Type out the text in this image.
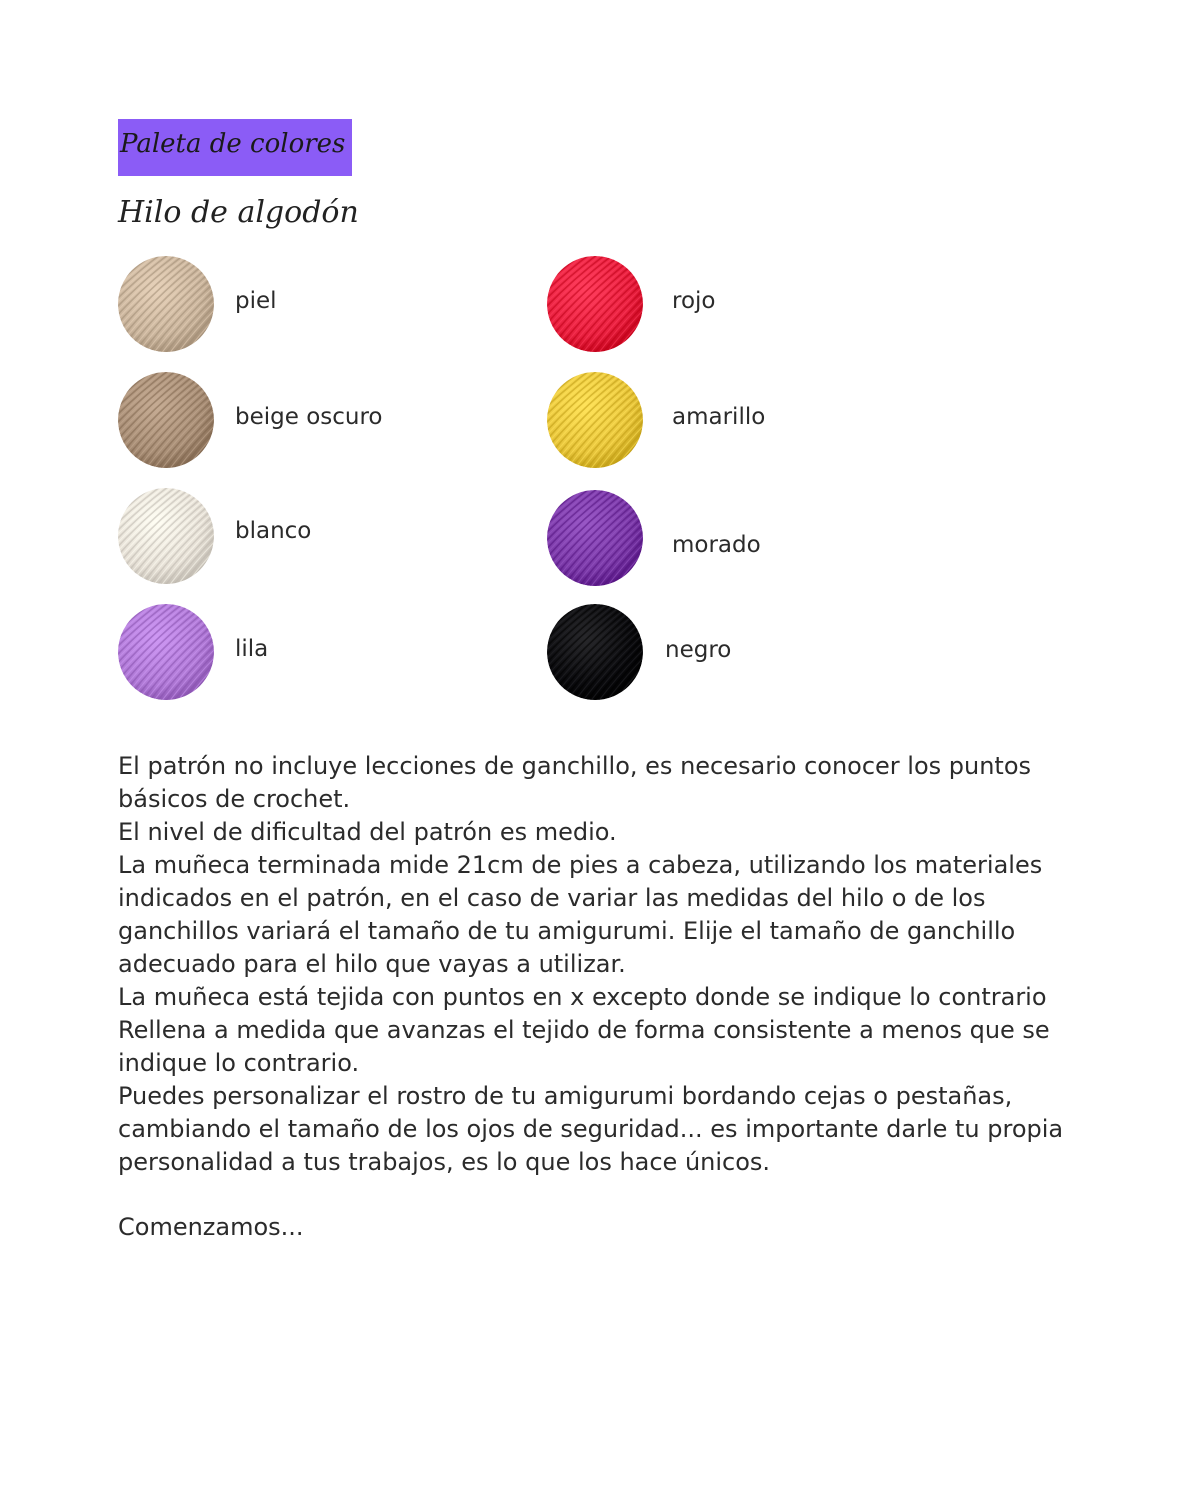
Paleta de colores
Hilo de algodón
piel
beige oscuro
blanco
lila
rojo
amarillo
morado
negro

El patrón no incluye lecciones de ganchillo, es necesario conocer los puntos básicos de crochet.

El nivel de dificultad del patrón es medio.

La muñeca terminada mide 21cm de pies a cabeza, utilizando los materiales indicados en el patrón, en el caso de variar las medidas del hilo o de los ganchillos variará el tamaño de tu amigurumi. Elije el tamaño de ganchillo adecuado para el hilo que vayas a utilizar.

La muñeca está tejida con puntos en x excepto donde se indique lo contrario

Rellena a medida que avanzas el tejido de forma consistente a menos que se indique lo contrario.

Puedes personalizar el rostro de tu amigurumi bordando cejas o pestañas, cambiando el tamaño de los ojos de seguridad... es importante darle tu propia personalidad a tus trabajos, es lo que los hace únicos.

Comenzamos...
